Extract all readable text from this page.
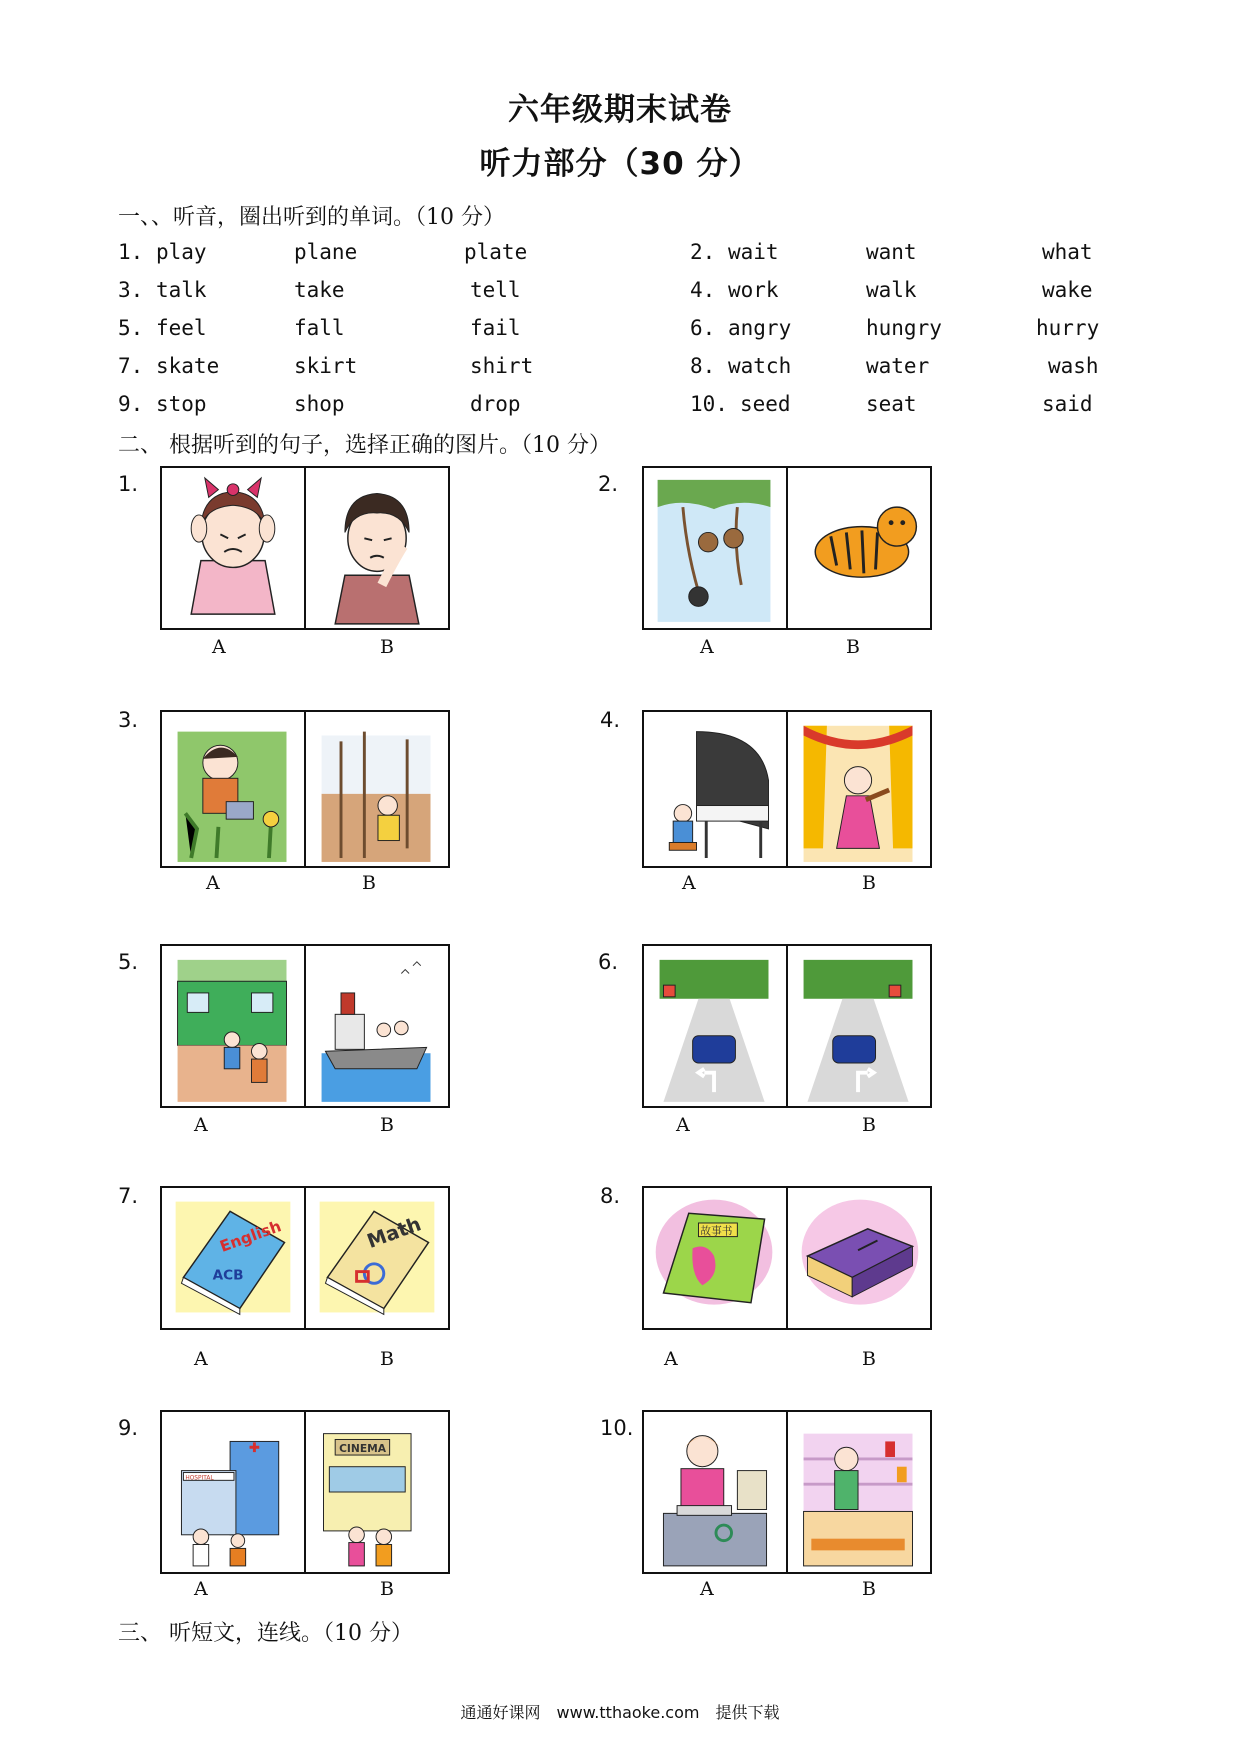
六年级期末试卷
听力部分（30 分）
一、、听音，圈出听到的单词。（10 分）
1. play	plane	plate	2. wait	want	what
3. talk	take	tell	4. work	walk	wake
5. feel	fall	fail	6. angry	hungry	hurry
7. skate	skirt	shirt	8. watch	water	wash
9. stop	shop	drop	10. seed	seat	said
二、 根据听到的句子，选择正确的图片。（10 分）
1.
A	B
2.
A	B
3.
A	B
4.
A	B
5.
A	B
6.
A	B
7.
English
ACB
Math
A	B
8.
故事书
A	B
9.
HOSPITAL
CINEMA
A	B
10.
A	B
三、 听短文，连线。（10 分）
通通好课网　www.tthaoke.com　提供下载
